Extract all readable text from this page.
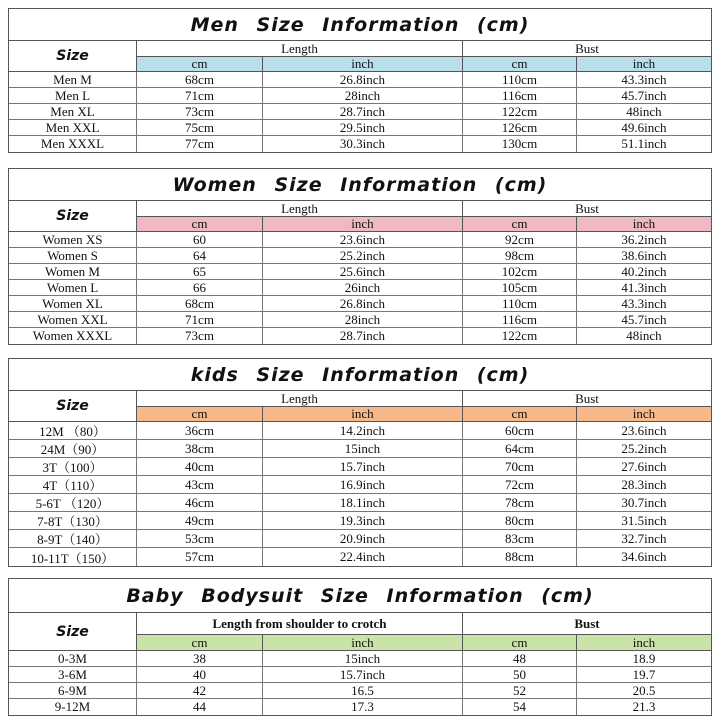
Men Size Information (cm)
Size	Length
cm	inch
Bust
cm	inch
Men M	68cm	26.8inch	110cm	43.3inch
Men L	71cm	28inch	116cm	45.7inch
Men XL	73cm	28.7inch	122cm	48inch
Men XXL	75cm	29.5inch	126cm	49.6inch
Men XXXL	77cm	30.3inch	130cm	51.1inch
Women Size Information (cm)
Size	Length
cm	inch
Bust
cm	inch
Women XS	60	23.6inch	92cm	36.2inch
Women S	64	25.2inch	98cm	38.6inch
Women M	65	25.6inch	102cm	40.2inch
Women L	66	26inch	105cm	41.3inch
Women XL	68cm	26.8inch	110cm	43.3inch
Women XXL	71cm	28inch	116cm	45.7inch
Women XXXL	73cm	28.7inch	122cm	48inch
kids Size Information (cm)
Size	Length
cm	inch
Bust
cm	inch
12M （80）	36cm	14.2inch	60cm	23.6inch
24M（90）	38cm	15inch	64cm	25.2inch
3T（100）	40cm	15.7inch	70cm	27.6inch
4T（110）	43cm	16.9inch	72cm	28.3inch
5-6T （120）	46cm	18.1inch	78cm	30.7inch
7-8T（130）	49cm	19.3inch	80cm	31.5inch
8-9T（140）	53cm	20.9inch	83cm	32.7inch
10-11T（150）	57cm	22.4inch	88cm	34.6inch
Baby Bodysuit Size Information (cm)
Size
Length from shoulder to crotch
cm	inch
Bust
cm	inch
0-3M	38	15inch	48	18.9
3-6M	40	15.7inch	50	19.7
6-9M	42	16.5	52	20.5
9-12M	44	17.3	54	21.3
